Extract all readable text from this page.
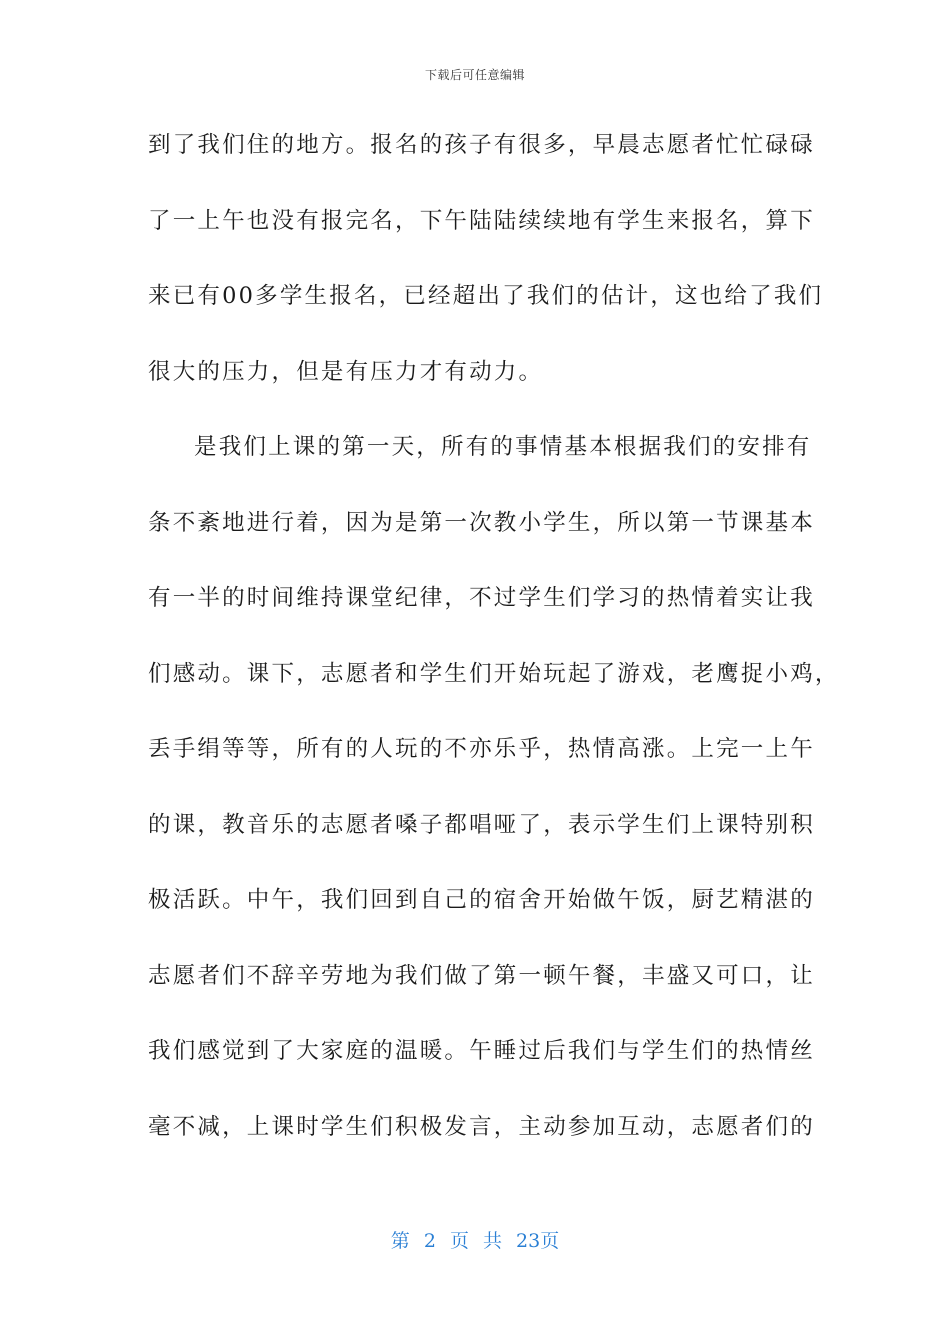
下载后可任意编辑
到了我们住的地方。报名的孩子有很多，早晨志愿者忙忙碌碌
了一上午也没有报完名，下午陆陆续续地有学生来报名，算下
来已有00多学生报名，已经超出了我们的估计，这也给了我们
很大的压力，但是有压力才有动力。
是我们上课的第一天，所有的事情基本根据我们的安排有
条不紊地进行着，因为是第一次教小学生，所以第一节课基本
有一半的时间维持课堂纪律，不过学生们学习的热情着实让我
们感动。课下，志愿者和学生们开始玩起了游戏，老鹰捉小鸡，
丢手绢等等，所有的人玩的不亦乐乎，热情高涨。上完一上午
的课，教音乐的志愿者嗓子都唱哑了，表示学生们上课特别积
极活跃。中午，我们回到自己的宿舍开始做午饭，厨艺精湛的
志愿者们不辞辛劳地为我们做了第一顿午餐，丰盛又可口，让
我们感觉到了大家庭的温暖。午睡过后我们与学生们的热情丝
毫不减，上课时学生们积极发言，主动参加互动，志愿者们的
第 2 页 共 23页
